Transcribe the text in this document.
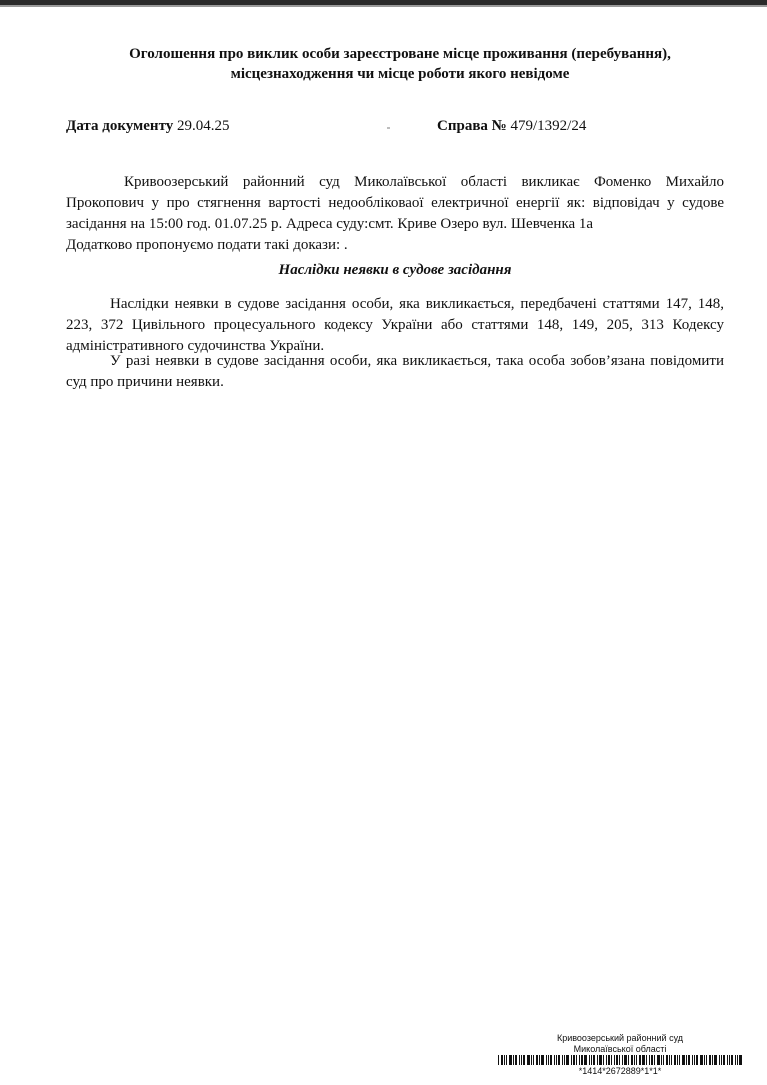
Оголошення про виклик особи зареєстроване місце проживання (перебування),
місцезнаходження чи місце роботи якого невідоме
Дата документу 29.04.25	Справа № 479/1392/24
Кривоозерський районний суд Миколаївської області викликає Фоменко Михайло Прокопович у про стягнення вартості недообліковаої електричної енергії як: відповідач у судове засідання на 15:00 год. 01.07.25 р. Адреса суду:смт. Криве Озеро вул. Шевченка 1а
Додатково пропонуємо подати такі докази: .
Наслідки неявки в судове засідання
Наслідки неявки в судове засідання особи, яка викликається, передбачені статтями 147, 148, 223, 372 Цивільного процесуального кодексу України або статтями 148, 149, 205, 313 Кодексу адміністративного судочинства України.
У разі неявки в судове засідання особи, яка викликається, така особа зобов’язана повідомити суд про причини неявки.
Кривоозерський районний суд
Миколаївської області
*1414*2672889*1*1*
